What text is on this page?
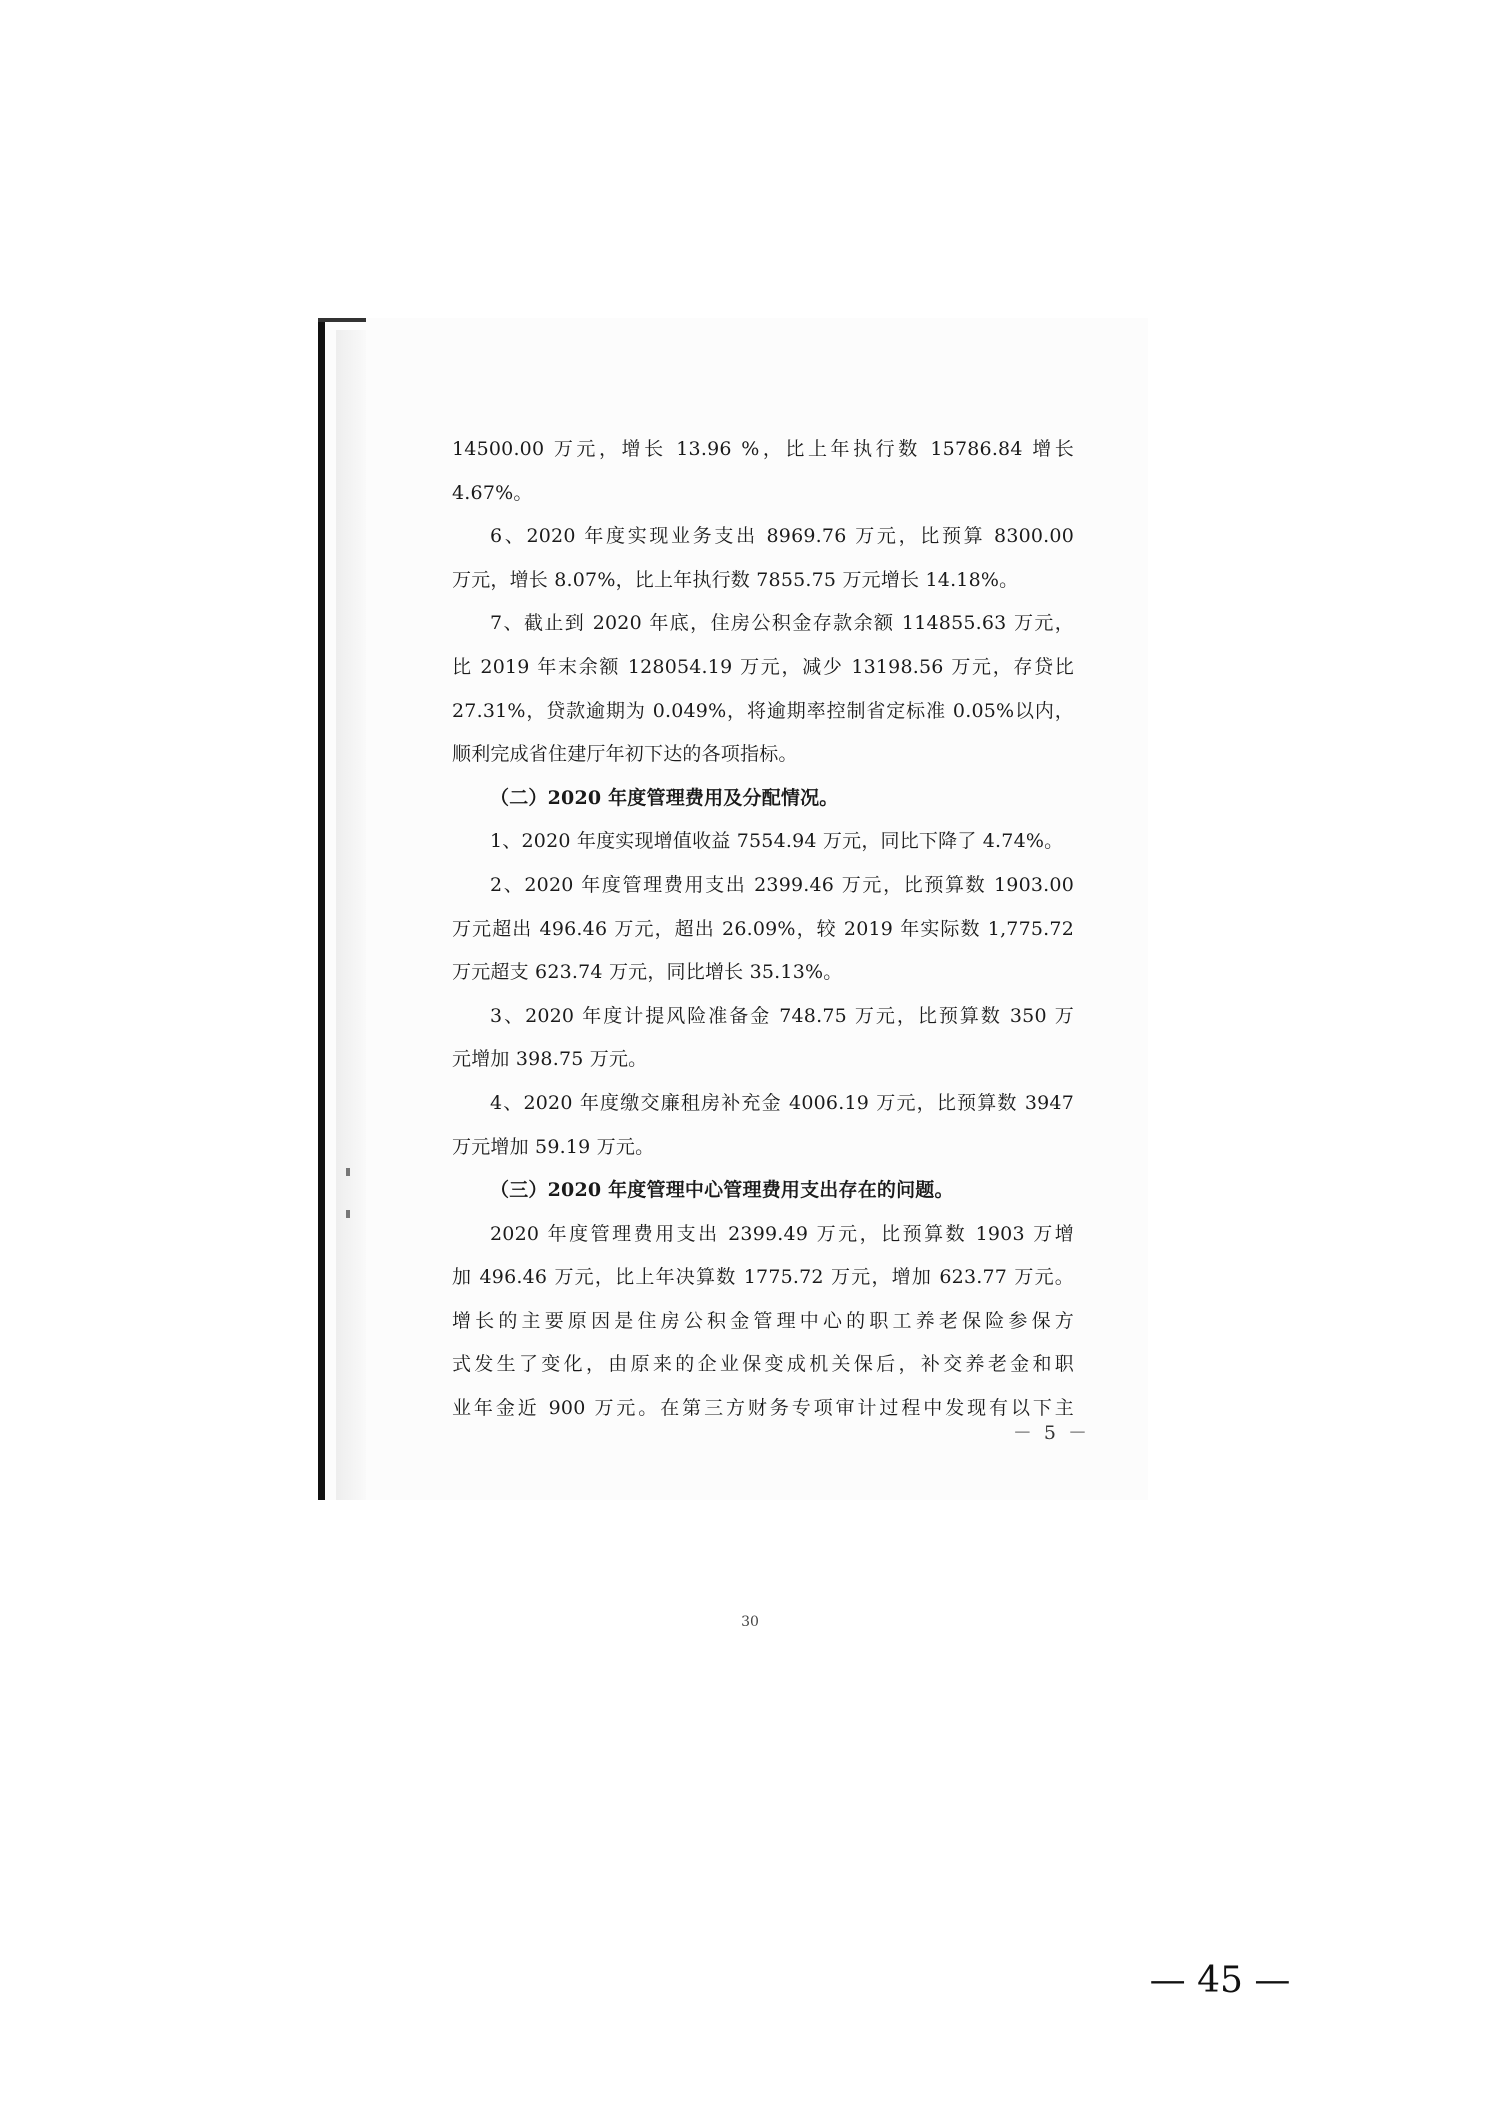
14500.00 万元，增长 13.96 %，比上年执行数 15786.84 增长

4.67%。

6、2020 年度实现业务支出 8969.76 万元，比预算 8300.00

万元，增长 8.07%，比上年执行数 7855.75 万元增长 14.18%。

7、截止到 2020 年底，住房公积金存款余额 114855.63 万元，

比 2019 年末余额 128054.19 万元，减少 13198.56 万元，存贷比

27.31%，贷款逾期为 0.049%，将逾期率控制省定标准 0.05%以内，

顺利完成省住建厅年初下达的各项指标。

（二）2020 年度管理费用及分配情况。

1、2020 年度实现增值收益 7554.94 万元，同比下降了 4.74%。

2、2020 年度管理费用支出 2399.46 万元，比预算数 1903.00

万元超出 496.46 万元，超出 26.09%，较 2019 年实际数 1,775.72

万元超支 623.74 万元，同比增长 35.13%。

3、2020 年度计提风险准备金 748.75 万元，比预算数 350 万

元增加 398.75 万元。

4、2020 年度缴交廉租房补充金 4006.19 万元，比预算数 3947

万元增加 59.19 万元。

（三）2020 年度管理中心管理费用支出存在的问题。

2020 年度管理费用支出 2399.49 万元，比预算数 1903 万增

加 496.46 万元，比上年决算数 1775.72 万元，增加 623.77 万元。

增长的主要原因是住房公积金管理中心的职工养老保险参保方

式发生了变化，由原来的企业保变成机关保后，补交养老金和职

业年金近 900 万元。在第三方财务专项审计过程中发现有以下主

－ 5 －
30
— 45 —
